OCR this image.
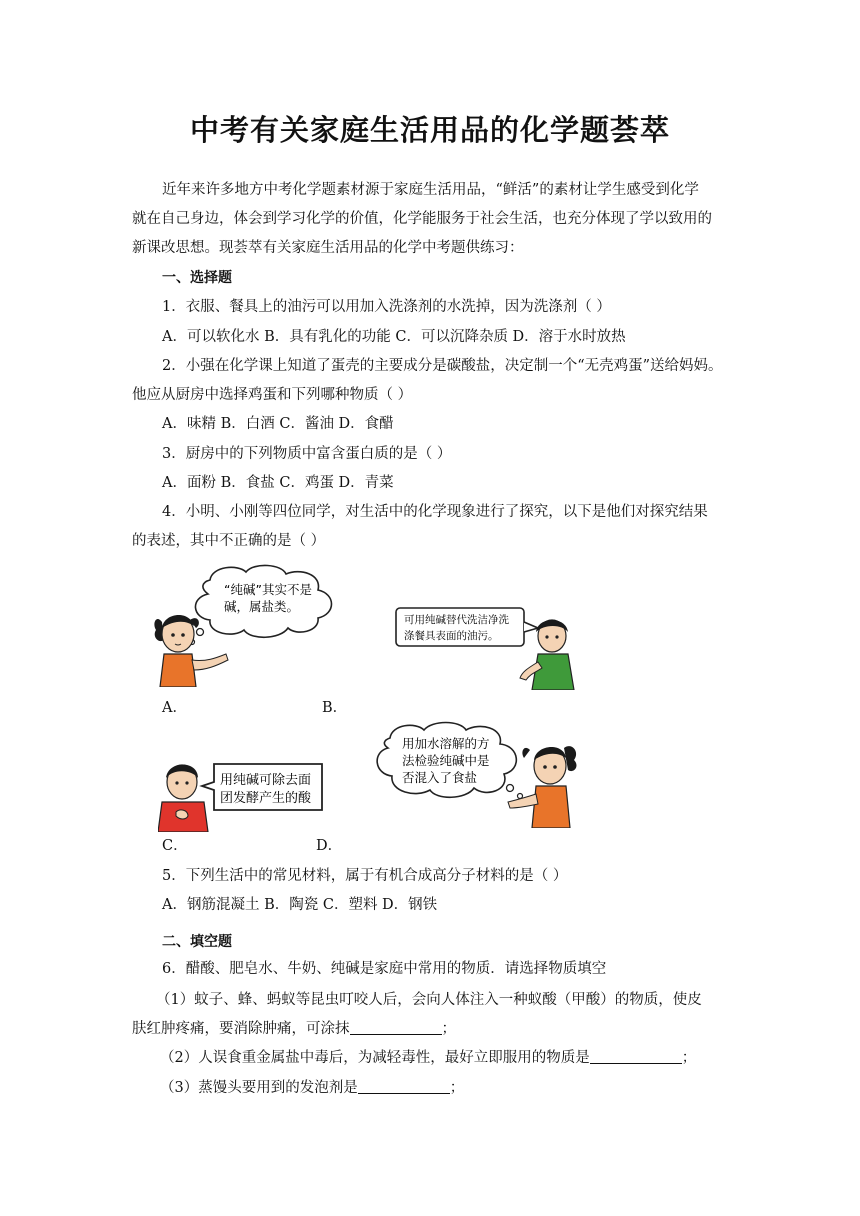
中考有关家庭生活用品的化学题荟萃
近年来许多地方中考化学题素材源于家庭生活用品，“鲜活”的素材让学生感受到化学
就在自己身边，体会到学习化学的价值，化学能服务于社会生活，也充分体现了学以致用的
新课改思想。现荟萃有关家庭生活用品的化学中考题供练习：
一、选择题
1．衣服、餐具上的油污可以用加入洗涤剂的水洗掉，因为洗涤剂（ ）
A．可以软化水 B．具有乳化的功能 C．可以沉降杂质 D．溶于水时放热
2．小强在化学课上知道了蛋壳的主要成分是碳酸盐，决定制一个“无壳鸡蛋”送给妈妈。
他应从厨房中选择鸡蛋和下列哪种物质（ ）
A．味精 B．白酒 C．酱油 D．食醋
3．厨房中的下列物质中富含蛋白质的是（ ）
A．面粉 B．食盐 C．鸡蛋 D．青菜
4．小明、小刚等四位同学，对生活中的化学现象进行了探究，以下是他们对探究结果
的表述，其中不正确的是（ ）
“纯碱”其实不是
碱，属盐类。
可用纯碱替代洗洁净洗
涤餐具表面的油污。
A．	B．
用纯碱可除去面
团发酵产生的酸
用加水溶解的方
法检验纯碱中是
否混入了食盐
C．	D．
5．下列生活中的常见材料，属于有机合成高分子材料的是（ ）
A．钢筋混凝土 B．陶瓷 C．塑料 D．钢铁
二、填空题
6．醋酸、肥皂水、牛奶、纯碱是家庭中常用的物质．请选择物质填空
（1）蚊子、蜂、蚂蚁等昆虫叮咬人后，会向人体注入一种蚁酸（甲酸）的物质，使皮
肤红肿疼痛，要消除肿痛，可涂抹	；
（2）人误食重金属盐中毒后，为减轻毒性，最好立即服用的物质是	；
（3）蒸馒头要用到的发泡剂是	；
